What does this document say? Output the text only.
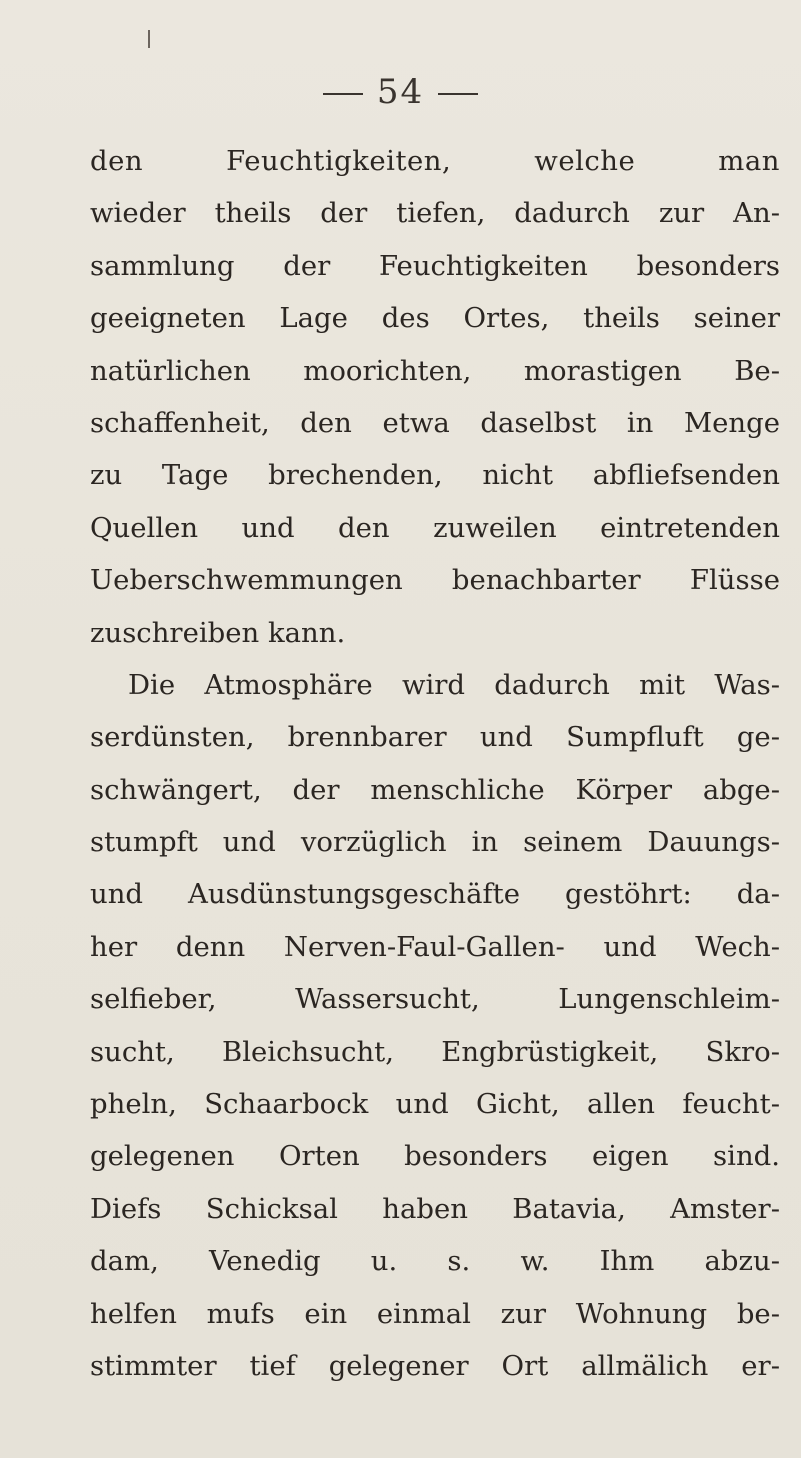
54
den Feuchtigkeiten, welche man
wieder theils der tiefen, dadurch zur An-
sammlung der Feuchtigkeiten besonders
geeigneten Lage des Ortes, theils seiner
natürlichen moorichten, morastigen Be-
schaffenheit, den etwa daselbst in Menge
zu Tage brechenden, nicht abfliefsenden
Quellen und den zuweilen eintretenden
Ueberschwemmungen benachbarter Flüsse
zuschreiben kann.
Die Atmosphäre wird dadurch mit Was-
serdünsten, brennbarer und Sumpfluft ge-
schwängert, der menschliche Körper abge-
stumpft und vorzüglich in seinem Dauungs-
und Ausdünstungsgeschäfte gestöhrt: da-
her denn Nerven-Faul-Gallen- und Wech-
selfieber, Wassersucht, Lungenschleim-
sucht, Bleichsucht, Engbrüstigkeit, Skro-
pheln, Schaarbock und Gicht, allen feucht-
gelegenen Orten besonders eigen sind.
Diefs Schicksal haben Batavia, Amster-
dam, Venedig u. s. w. Ihm abzu-
helfen mufs ein einmal zur Wohnung be-
stimmter tief gelegener Ort allmälich er-
